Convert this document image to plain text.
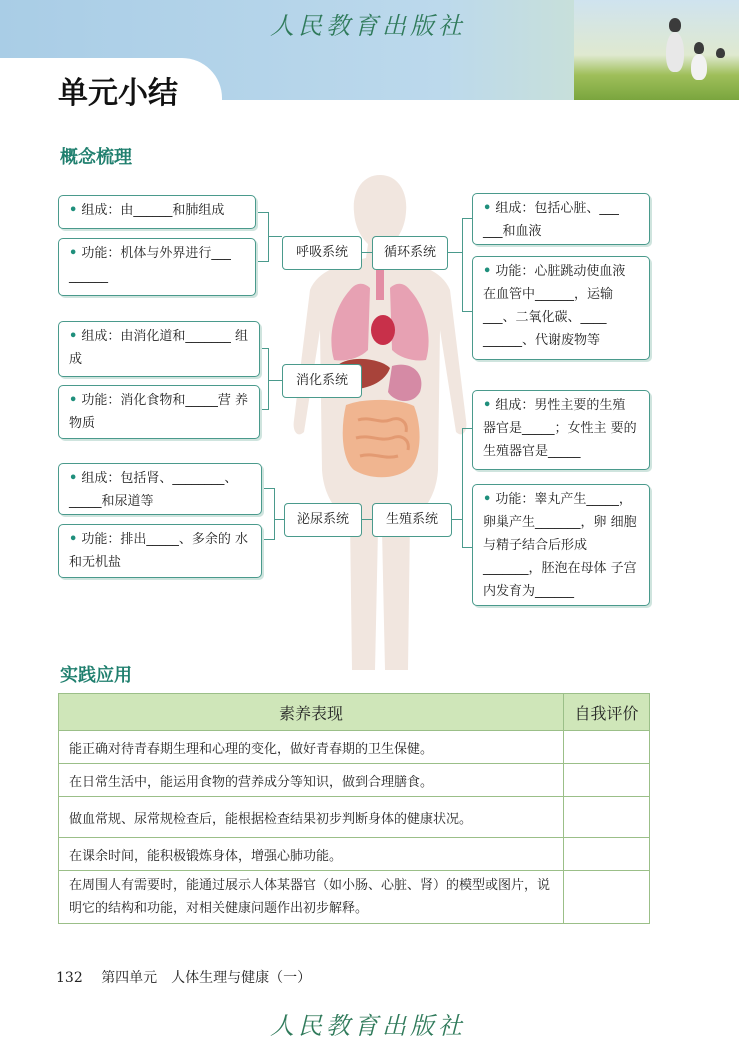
人民教育出版社
单元小结
概念梳理
呼吸系统	循环系统
消化系统
泌尿系统	生殖系统
• 组成：由______和肺组成
• 功能：机体与外界进行___ ______
• 组成：由消化道和_______ 组成
• 功能：消化食物和_____营 养物质
• 组成：包括肾、________、 _____和尿道等
• 功能：排出_____、多余的 水和无机盐
• 组成：包括心脏、___ ___和血液
• 功能：心脏跳动使血液 在血管中______，运输 ___、二氧化碳、____ ______、代谢废物等
• 组成：男性主要的生殖 器官是_____；女性主 要的生殖器官是_____
• 功能：睾丸产生_____， 卵巢产生_______，卵 细胞与精子结合后形成 _______，胚泡在母体 子宫内发育为______
实践应用
素养表现	自我评价
能正确对待青春期生理和心理的变化，做好青春期的卫生保健。	
在日常生活中，能运用食物的营养成分等知识，做到合理膳食。	
做血常规、尿常规检查后，能根据检查结果初步判断身体的健康状况。	
在课余时间，能积极锻炼身体，增强心肺功能。	
在周围人有需要时，能通过展示人体某器官（如小肠、心脏、肾）的模型或图片，说明它的结构和功能，对相关健康问题作出初步解释。	
132 第四单元　人体生理与健康（一）
人民教育出版社
